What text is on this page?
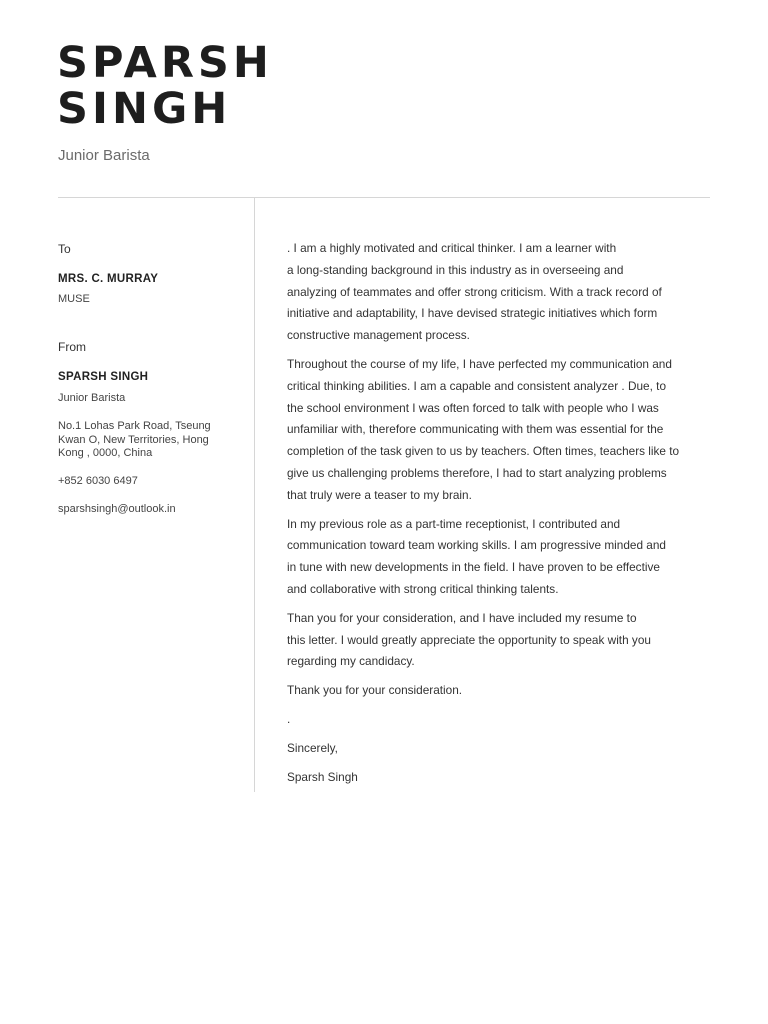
SPARSH
SINGH

Junior Barista

To
MRS. C. MURRAY
MUSE
From
SPARSH SINGH
Junior Barista
No.1 Lohas Park Road, Tseung
Kwan O, New Territories, Hong
Kong , 0000, China
+852 6030 6497
sparshsingh@outlook.in

. I am a highly motivated and critical thinker. I am a learner with
a long-standing background in this industry as in overseeing and
analyzing of teammates and offer strong criticism. With a track record of
initiative and adaptability, I have devised strategic initiatives which form
constructive management process.

Throughout the course of my life, I have perfected my communication and
critical thinking abilities. I am a capable and consistent analyzer . Due, to
the school environment I was often forced to talk with people who I was
unfamiliar with, therefore communicating with them was essential for the
completion of the task given to us by teachers. Often times, teachers like to
give us challenging problems therefore, I had to start analyzing problems
that truly were a teaser to my brain.

In my previous role as a part-time receptionist, I contributed and
communication toward team working skills. I am progressive minded and
in tune with new developments in the field. I have proven to be effective
and collaborative with strong critical thinking talents.

Than you for your consideration, and I have included my resume to
this letter. I would greatly appreciate the opportunity to speak with you
regarding my candidacy.

Thank you for your consideration.

.

Sincerely,

Sparsh Singh
